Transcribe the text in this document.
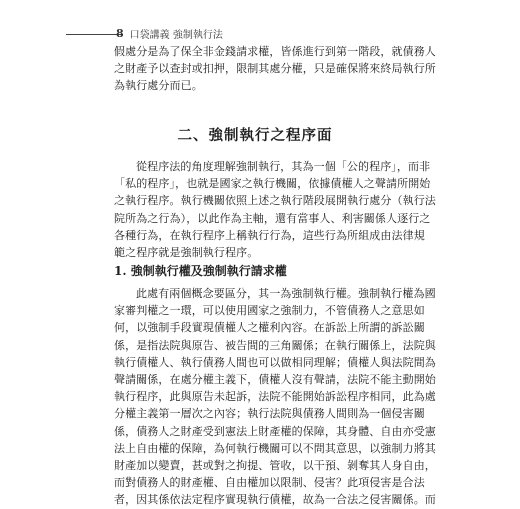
8 口袋講義 強制執行法
假處分是為了保全非金錢請求權，皆係進行到第一階段，就債務人
之財產予以查封或扣押，限制其處分權，只是確保將來終局執行所
為執行處分而已。
二、強制執行之程序面
從程序法的角度理解強制執行，其為一個「公的程序」，而非
「私的程序」，也就是國家之執行機關，依據債權人之聲請所開始
之執行程序。執行機關依照上述之執行階段展開執行處分（執行法
院所為之行為），以此作為主軸，還有當事人、利害關係人逐行之
各種行為，在執行程序上稱執行行為，這些行為所組成由法律規
範之程序就是強制執行程序。
1. 強制執行權及強制執行請求權
此處有兩個概念要區分，其一為強制執行權。強制執行權為國
家審判權之一環，可以使用國家之強制力，不管債務人之意思如
何，以強制手段實現債權人之權利內容。在訴訟上所謂的訴訟關
係，是指法院與原告、被告間的三角關係；在執行關係上，法院與
執行債權人、執行債務人間也可以做相同理解；債權人與法院間為
聲請關係，在處分權主義下，債權人沒有聲請，法院不能主動開始
執行程序，此與原告未起訴，法院不能開始訴訟程序相同，此為處
分權主義第一層次之內容；執行法院與債務人間則為一個侵害關
係，債務人之財產受到憲法上財產權的保障，其身體、自由亦受憲
法上自由權的保障，為何執行機關可以不問其意思，以強制力將其
財產加以變賣，甚或對之拘提、管收，以干預、剝奪其人身自由，
而對債務人的財產權、自由權加以限制、侵害？此項侵害是合法
者，因其係依法定程序實現執行債權，故為一合法之侵害關係。而
